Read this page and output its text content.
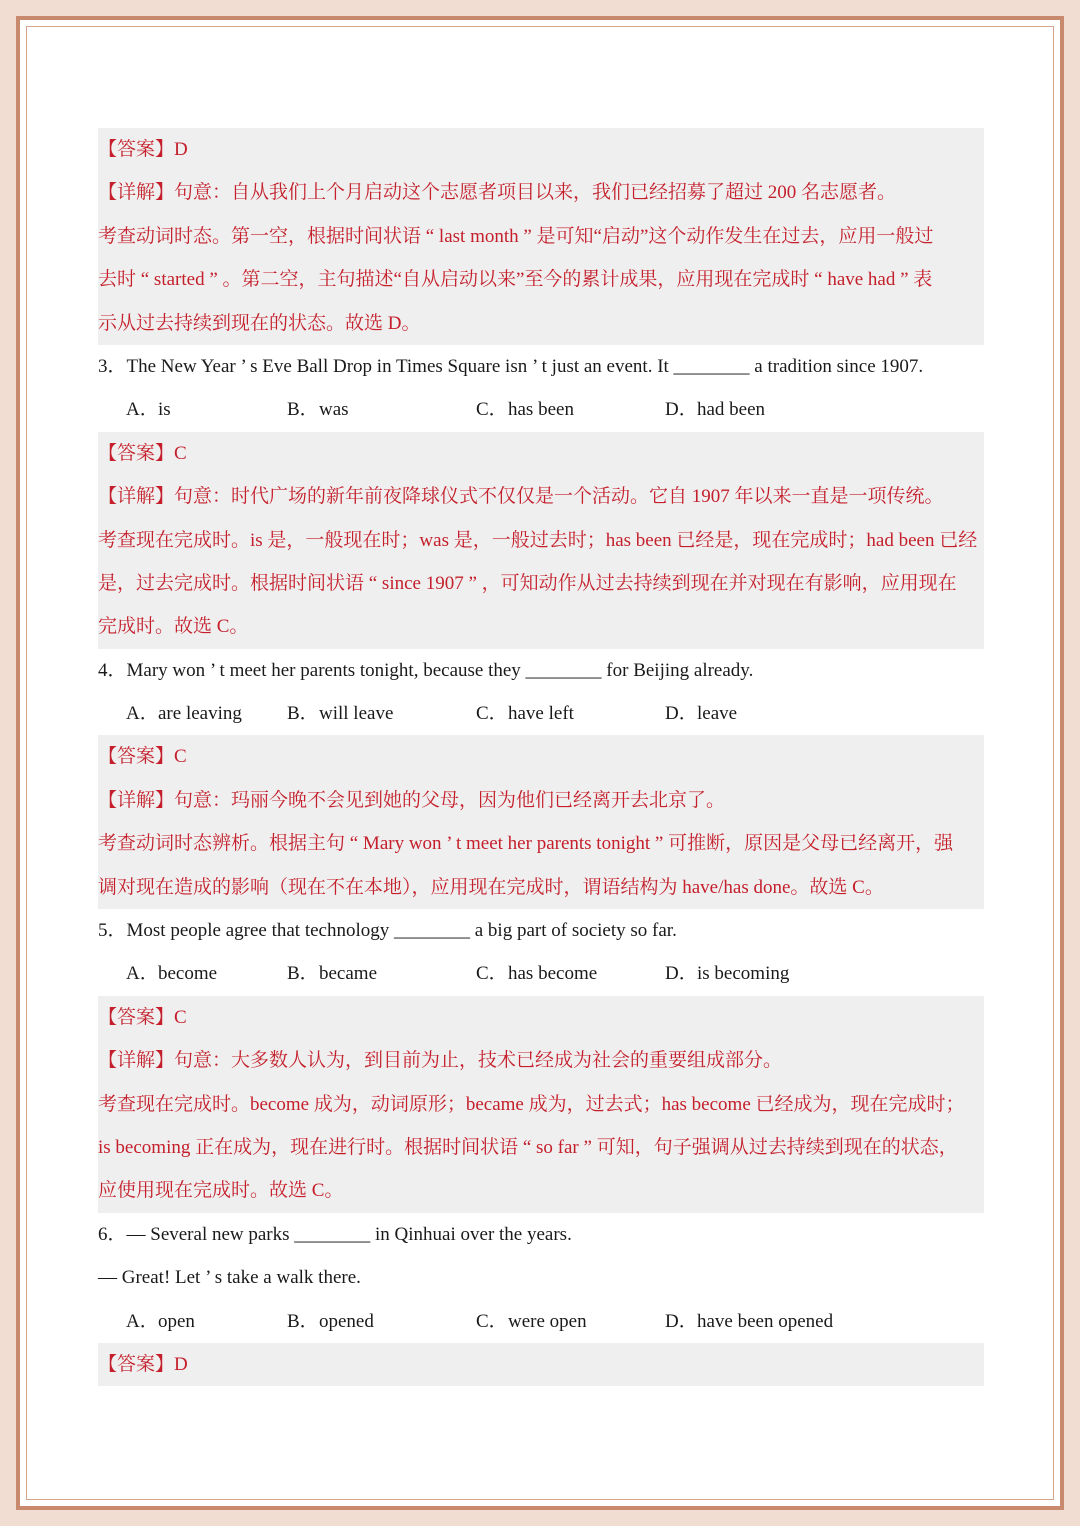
【答案】D
【详解】句意：自从我们上个月启动这个志愿者项目以来，我们已经招募了超过 200 名志愿者。
考查动词时态。第一空，根据时间状语 “ last month ” 是可知“启动”这个动作发生在过去，应用一般过
去时 “ started ” 。第二空，主句描述“自从启动以来”至今的累计成果，应用现在完成时 “ have had ” 表
示从过去持续到现在的状态。故选 D。
3．The New Year ’ s Eve Ball Drop in Times Square isn ’ t just an event. It ________ a tradition since 1907.
A．is	B．was	C．has been	D．had been
【答案】C
【详解】句意：时代广场的新年前夜降球仪式不仅仅是一个活动。它自 1907 年以来一直是一项传统。
考查现在完成时。is 是，一般现在时；was 是，一般过去时；has been 已经是，现在完成时；had been 已经
是，过去完成时。根据时间状语 “ since 1907 ” ，可知动作从过去持续到现在并对现在有影响，应用现在
完成时。故选 C。
4．Mary won ’ t meet her parents tonight, because they ________ for Beijing already.
A．are leaving B．will leave	C．have left	D．leave
【答案】C
【详解】句意：玛丽今晚不会见到她的父母，因为他们已经离开去北京了。
考查动词时态辨析。根据主句 “ Mary won ’ t meet her parents tonight ” 可推断，原因是父母已经离开，强
调对现在造成的影响（现在不在本地），应用现在完成时，谓语结构为 have/has done。故选 C。
5．Most people agree that technology ________ a big part of society so far.
A．become	B．became	C．has become	D．is becoming
【答案】C
【详解】句意：大多数人认为，到目前为止，技术已经成为社会的重要组成部分。
考查现在完成时。become 成为，动词原形；became 成为，过去式；has become 已经成为，现在完成时；
is becoming 正在成为，现在进行时。根据时间状语 “ so far ” 可知，句子强调从过去持续到现在的状态，
应使用现在完成时。故选 C。
6．— Several new parks ________ in Qinhuai over the years.
— Great! Let ’ s take a walk there.
A．open	B．opened	C．were open	D．have been opened
【答案】D
